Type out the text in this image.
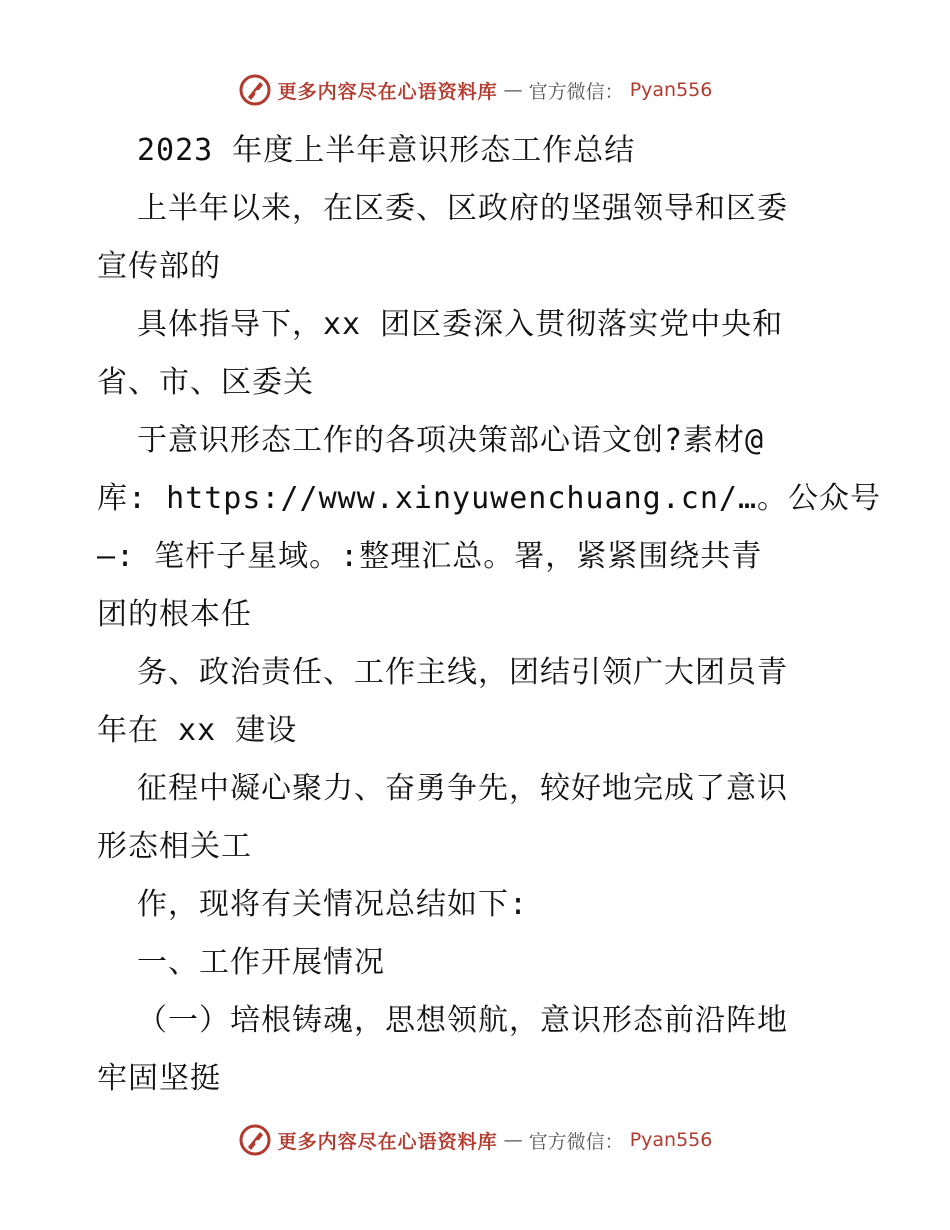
更多内容尽在心语资料库 — 官方微信： Pyan556
2023 年度上半年意识形态工作总结
上半年以来，在区委、区政府的坚强领导和区委
宣传部的
具体指导下，xx 团区委深入贯彻落实党中央和
省、市、区委关
于意识形态工作的各项决策部心语文创?素材@
库: https://www.xinyuwenchuang.cn/…。公众号
—: 笔杆子星域。:整理汇总。署，紧紧围绕共青
团的根本任
务、政治责任、工作主线，团结引领广大团员青
年在 xx 建设
征程中凝心聚力、奋勇争先，较好地完成了意识
形态相关工
作，现将有关情况总结如下:
一、工作开展情况
（一）培根铸魂，思想领航，意识形态前沿阵地
牢固坚挺
更多内容尽在心语资料库 — 官方微信： Pyan556
